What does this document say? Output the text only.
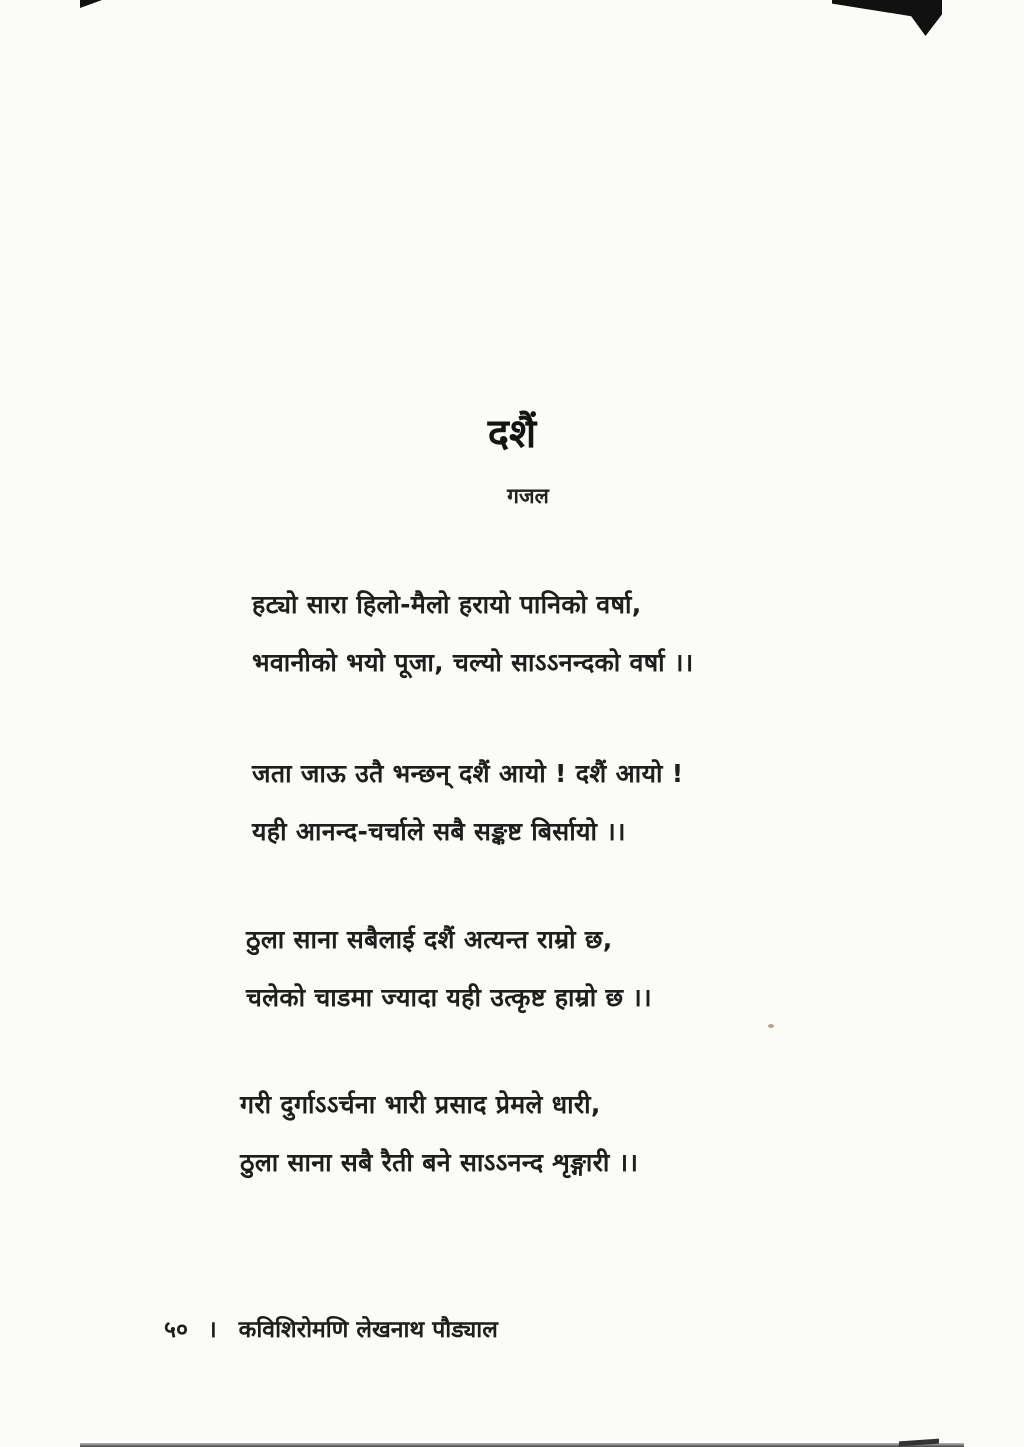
दशैं
गजल
हट्यो सारा हिलो-मैलो हरायो पानिको वर्षा,
भवानीको भयो पूजा, चल्यो साऽऽनन्दको वर्षा ।।
जता जाऊ उतै भन्छन् दशैं आयो ! दशैं आयो !
यही आनन्द-चर्चाले सबै सङ्कष्ट बिर्सायो ।।
ठुला साना सबैलाई दशैं अत्यन्त राम्रो छ,
चलेको चाडमा ज्यादा यही उत्कृष्ट हाम्रो छ ।।
गरी दुर्गाऽऽर्चना भारी प्रसाद प्रेमले धारी,
ठुला साना सबै रैती बने साऽऽनन्द शृङ्गारी ।।
५० । कविशिरोमणि लेखनाथ पौड्याल
